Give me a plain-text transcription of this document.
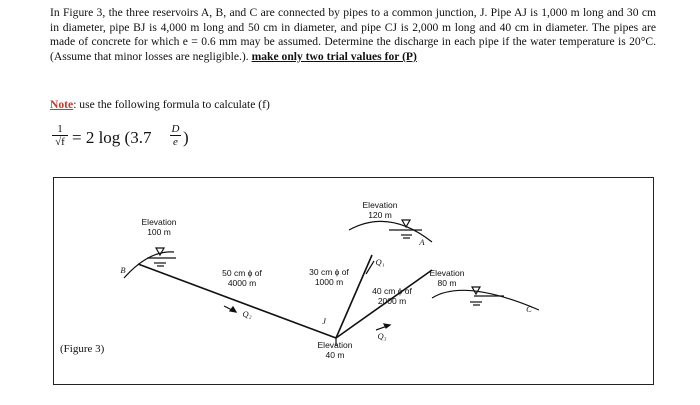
In Figure 3, the three reservoirs A, B, and C are connected by pipes to a common junction, J. Pipe AJ is 1,000 m long and 30 cm in diameter, pipe BJ is 4,000 m long and 50 cm in diameter, and pipe CJ is 2,000 m long and 40 cm in diameter. The pipes are made of concrete for which e = 0.6 mm may be assumed. Determine the discharge in each pipe if the water temperature is 20°C. (Assume that minor losses are negligible.). make only two trial values for (P)
Note: use the following formula to calculate (f)
1
√f = 2 log (3.7 D
e )
Elevation
100 m
B
Elevation
120 m
A
Elevation
80 m
C
50 cm ϕ of
4000 m
Q₂
30 cm ϕ of
1000 m
Q₁
40 cm ϕ of
2000 m
Q₃
J
Elevation
40 m
(Figure 3)
